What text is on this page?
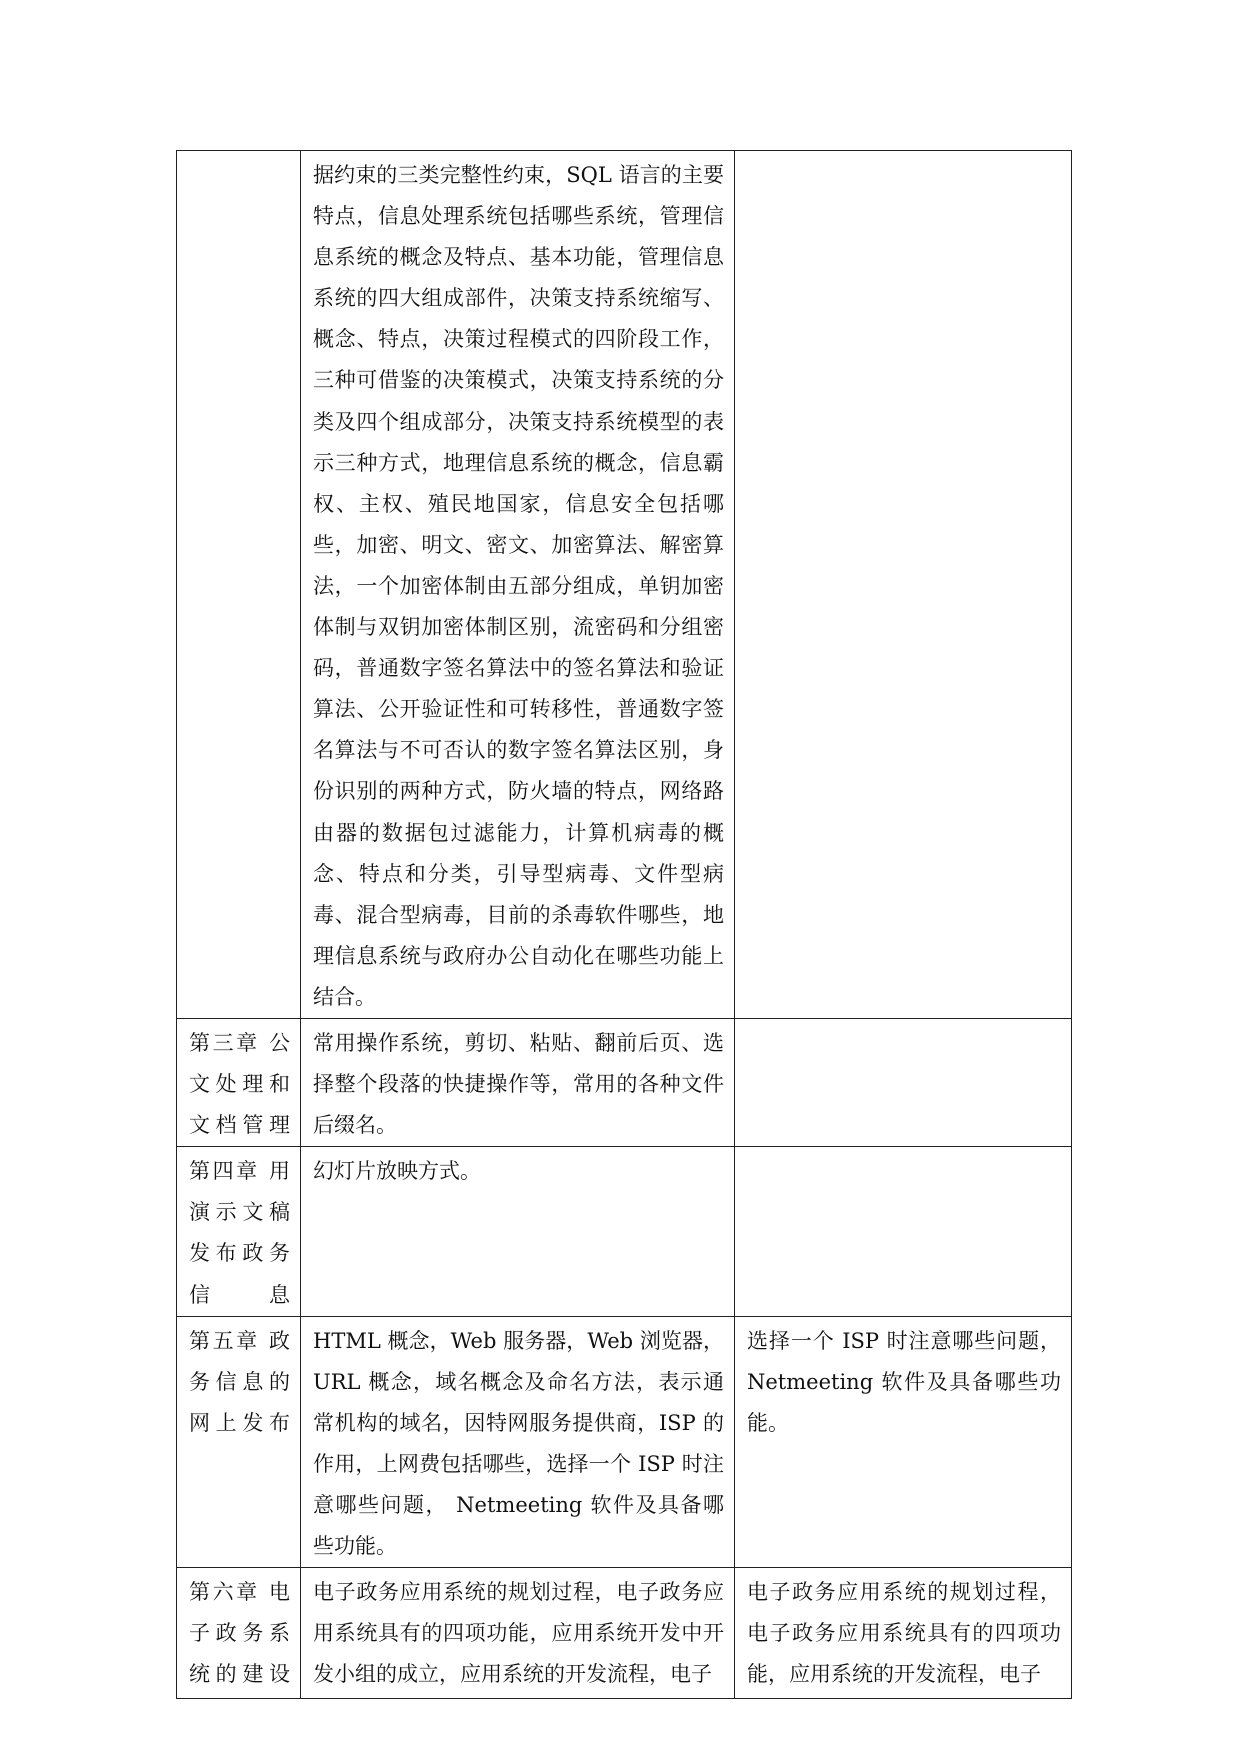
	据约束的三类完整性约束，SQL 语言的主要特点，信息处理系统包括哪些系统，管理信息系统的概念及特点、基本功能，管理信息系统的四大组成部件，决策支持系统缩写、概念、特点，决策过程模式的四阶段工作，三种可借鉴的决策模式，决策支持系统的分类及四个组成部分，决策支持系统模型的表示三种方式，地理信息系统的概念，信息霸权、主权、殖民地国家，信息安全包括哪些，加密、明文、密文、加密算法、解密算法，一个加密体制由五部分组成，单钥加密体制与双钥加密体制区别，流密码和分组密码，普通数字签名算法中的签名算法和验证算法、公开验证性和可转移性，普通数字签名算法与不可否认的数字签名算法区别，身份识别的两种方式，防火墙的特点，网络路由器的数据包过滤能力，计算机病毒的概念、特点和分类，引导型病毒、文件型病毒、混合型病毒，目前的杀毒软件哪些，地理信息系统与政府办公自动化在哪些功能上结合。	
第三章 公文处理和文档管理	常用操作系统，剪切、粘贴、翻前后页、选择整个段落的快捷操作等，常用的各种文件后缀名。	
第四章 用演示文稿发布政务信息	幻灯片放映方式。	
第五章 政务信息的网上发布	HTML 概念，Web 服务器，Web 浏览器，URL 概念，域名概念及命名方法，表示通常机构的域名，因特网服务提供商，ISP 的作用，上网费包括哪些，选择一个 ISP 时注意哪些问题， Netmeeting 软件及具备哪些功能。	选择一个 ISP 时注意哪些问题，Netmeeting 软件及具备哪些功能。
第六章 电子政务系统的建设	电子政务应用系统的规划过程，电子政务应用系统具有的四项功能，应用系统开发中开发小组的成立，应用系统的开发流程，电子	电子政务应用系统的规划过程，电子政务应用系统具有的四项功能，应用系统的开发流程，电子
